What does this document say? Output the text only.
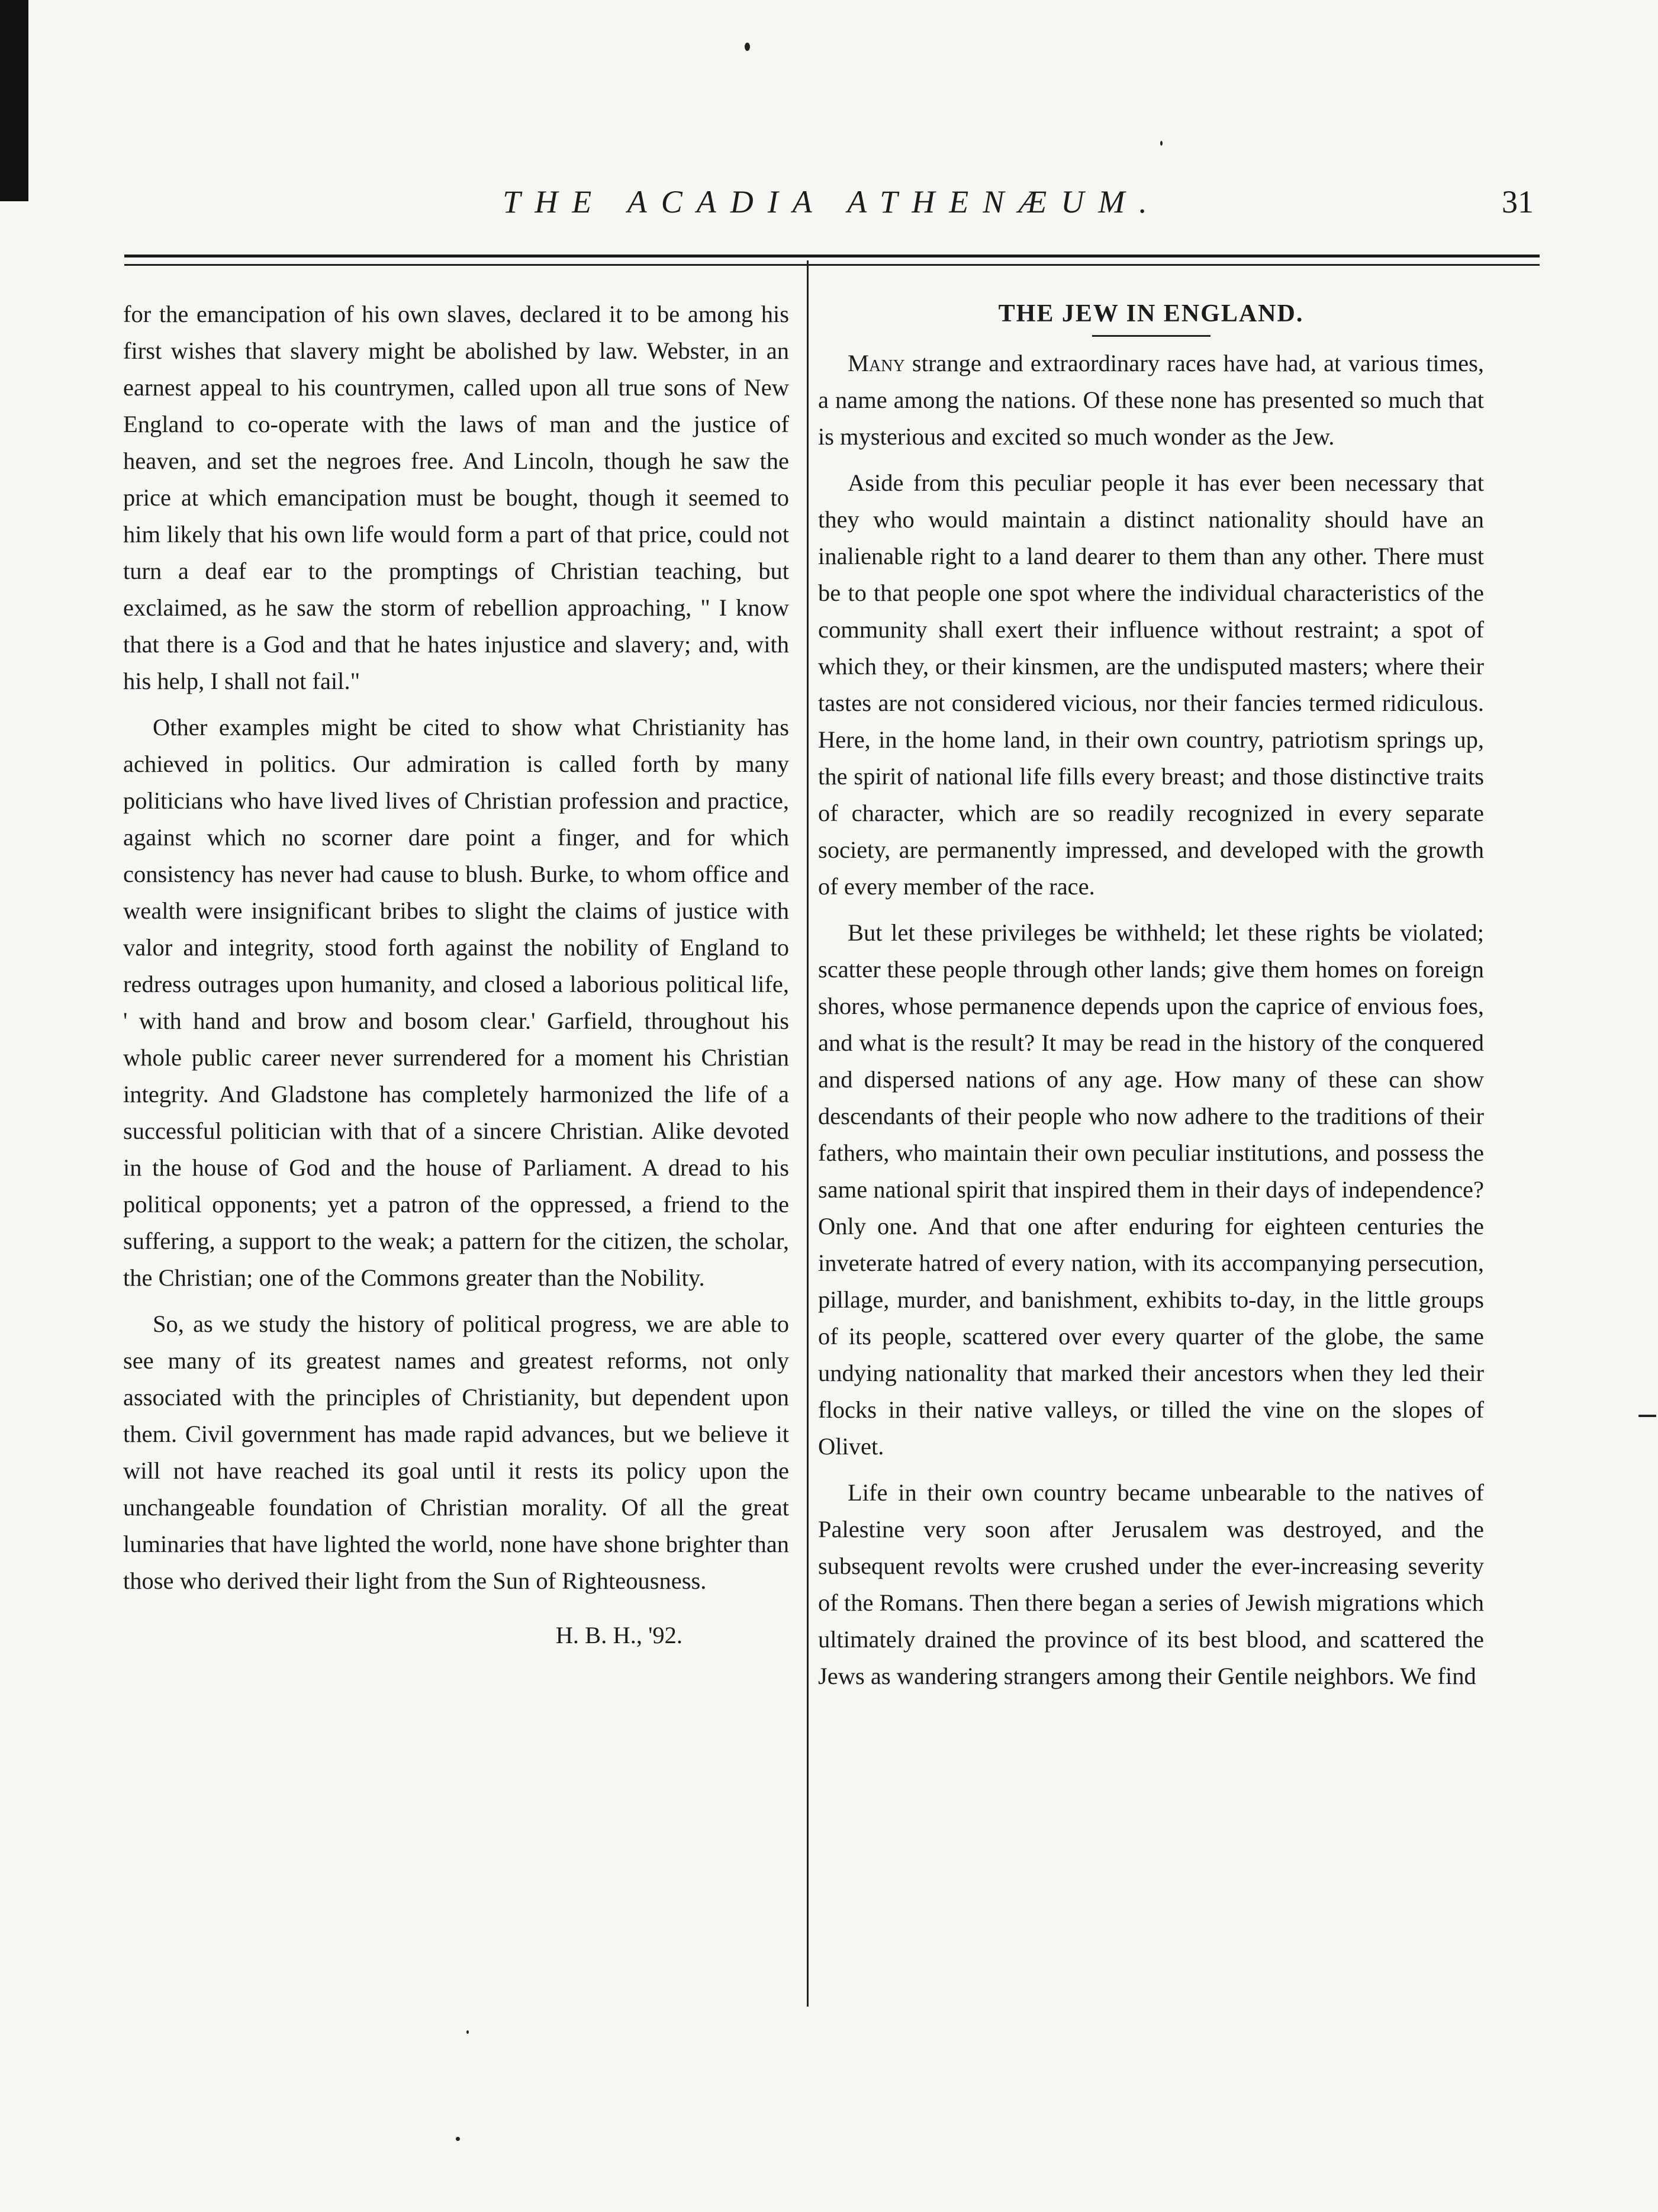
THE ACADIA ATHENÆUM.	31

for the emancipation of his own slaves, declared it to be among his first wishes that slavery might be abolished by law. Webster, in an earnest appeal to his countrymen, called upon all true sons of New England to co-operate with the laws of man and the justice of heaven, and set the negroes free. And Lincoln, though he saw the price at which emancipation must be bought, though it seemed to him likely that his own life would form a part of that price, could not turn a deaf ear to the promptings of Christian teaching, but exclaimed, as he saw the storm of rebellion approaching, " I know that there is a God and that he hates injustice and slavery; and, with his help, I shall not fail."

Other examples might be cited to show what Christianity has achieved in politics. Our admiration is called forth by many politicians who have lived lives of Christian profession and practice, against which no scorner dare point a finger, and for which consistency has never had cause to blush. Burke, to whom office and wealth were insignificant bribes to slight the claims of justice with valor and integrity, stood forth against the nobility of England to redress outrages upon humanity, and closed a laborious political life, ' with hand and brow and bosom clear.' Garfield, throughout his whole public career never surrendered for a moment his Christian integrity. And Gladstone has completely harmonized the life of a successful politician with that of a sincere Christian. Alike devoted in the house of God and the house of Parliament. A dread to his political opponents; yet a patron of the oppressed, a friend to the suffering, a support to the weak; a pattern for the citizen, the scholar, the Christian; one of the Commons greater than the Nobility.

So, as we study the history of political progress, we are able to see many of its greatest names and greatest reforms, not only associated with the principles of Christianity, but dependent upon them. Civil government has made rapid advances, but we believe it will not have reached its goal until it rests its policy upon the unchangeable foundation of Christian morality. Of all the great luminaries that have lighted the world, none have shone brighter than those who derived their light from the Sun of Righteousness.

H. B. H., '92.
THE JEW IN ENGLAND.

Many strange and extraordinary races have had, at various times, a name among the nations. Of these none has presented so much that is mysterious and excited so much wonder as the Jew.

Aside from this peculiar people it has ever been necessary that they who would maintain a distinct nationality should have an inalienable right to a land dearer to them than any other. There must be to that people one spot where the individual characteristics of the community shall exert their influence without restraint; a spot of which they, or their kinsmen, are the undisputed masters; where their tastes are not considered vicious, nor their fancies termed ridiculous. Here, in the home land, in their own country, patriotism springs up, the spirit of national life fills every breast; and those distinctive traits of character, which are so readily recognized in every separate society, are permanently impressed, and developed with the growth of every member of the race.

But let these privileges be withheld; let these rights be violated; scatter these people through other lands; give them homes on foreign shores, whose permanence depends upon the caprice of envious foes, and what is the result? It may be read in the history of the conquered and dispersed nations of any age. How many of these can show descendants of their people who now adhere to the traditions of their fathers, who maintain their own peculiar institutions, and possess the same national spirit that inspired them in their days of independence? Only one. And that one after enduring for eighteen centuries the inveterate hatred of every nation, with its accompanying persecution, pillage, murder, and banishment, exhibits to-day, in the little groups of its people, scattered over every quarter of the globe, the same undying nationality that marked their ancestors when they led their flocks in their native valleys, or tilled the vine on the slopes of Olivet.

Life in their own country became unbearable to the natives of Palestine very soon after Jerusalem was destroyed, and the subsequent revolts were crushed under the ever-increasing severity of the Romans. Then there began a series of Jewish migrations which ultimately drained the province of its best blood, and scattered the Jews as wandering strangers among their Gentile neighbors. We find
